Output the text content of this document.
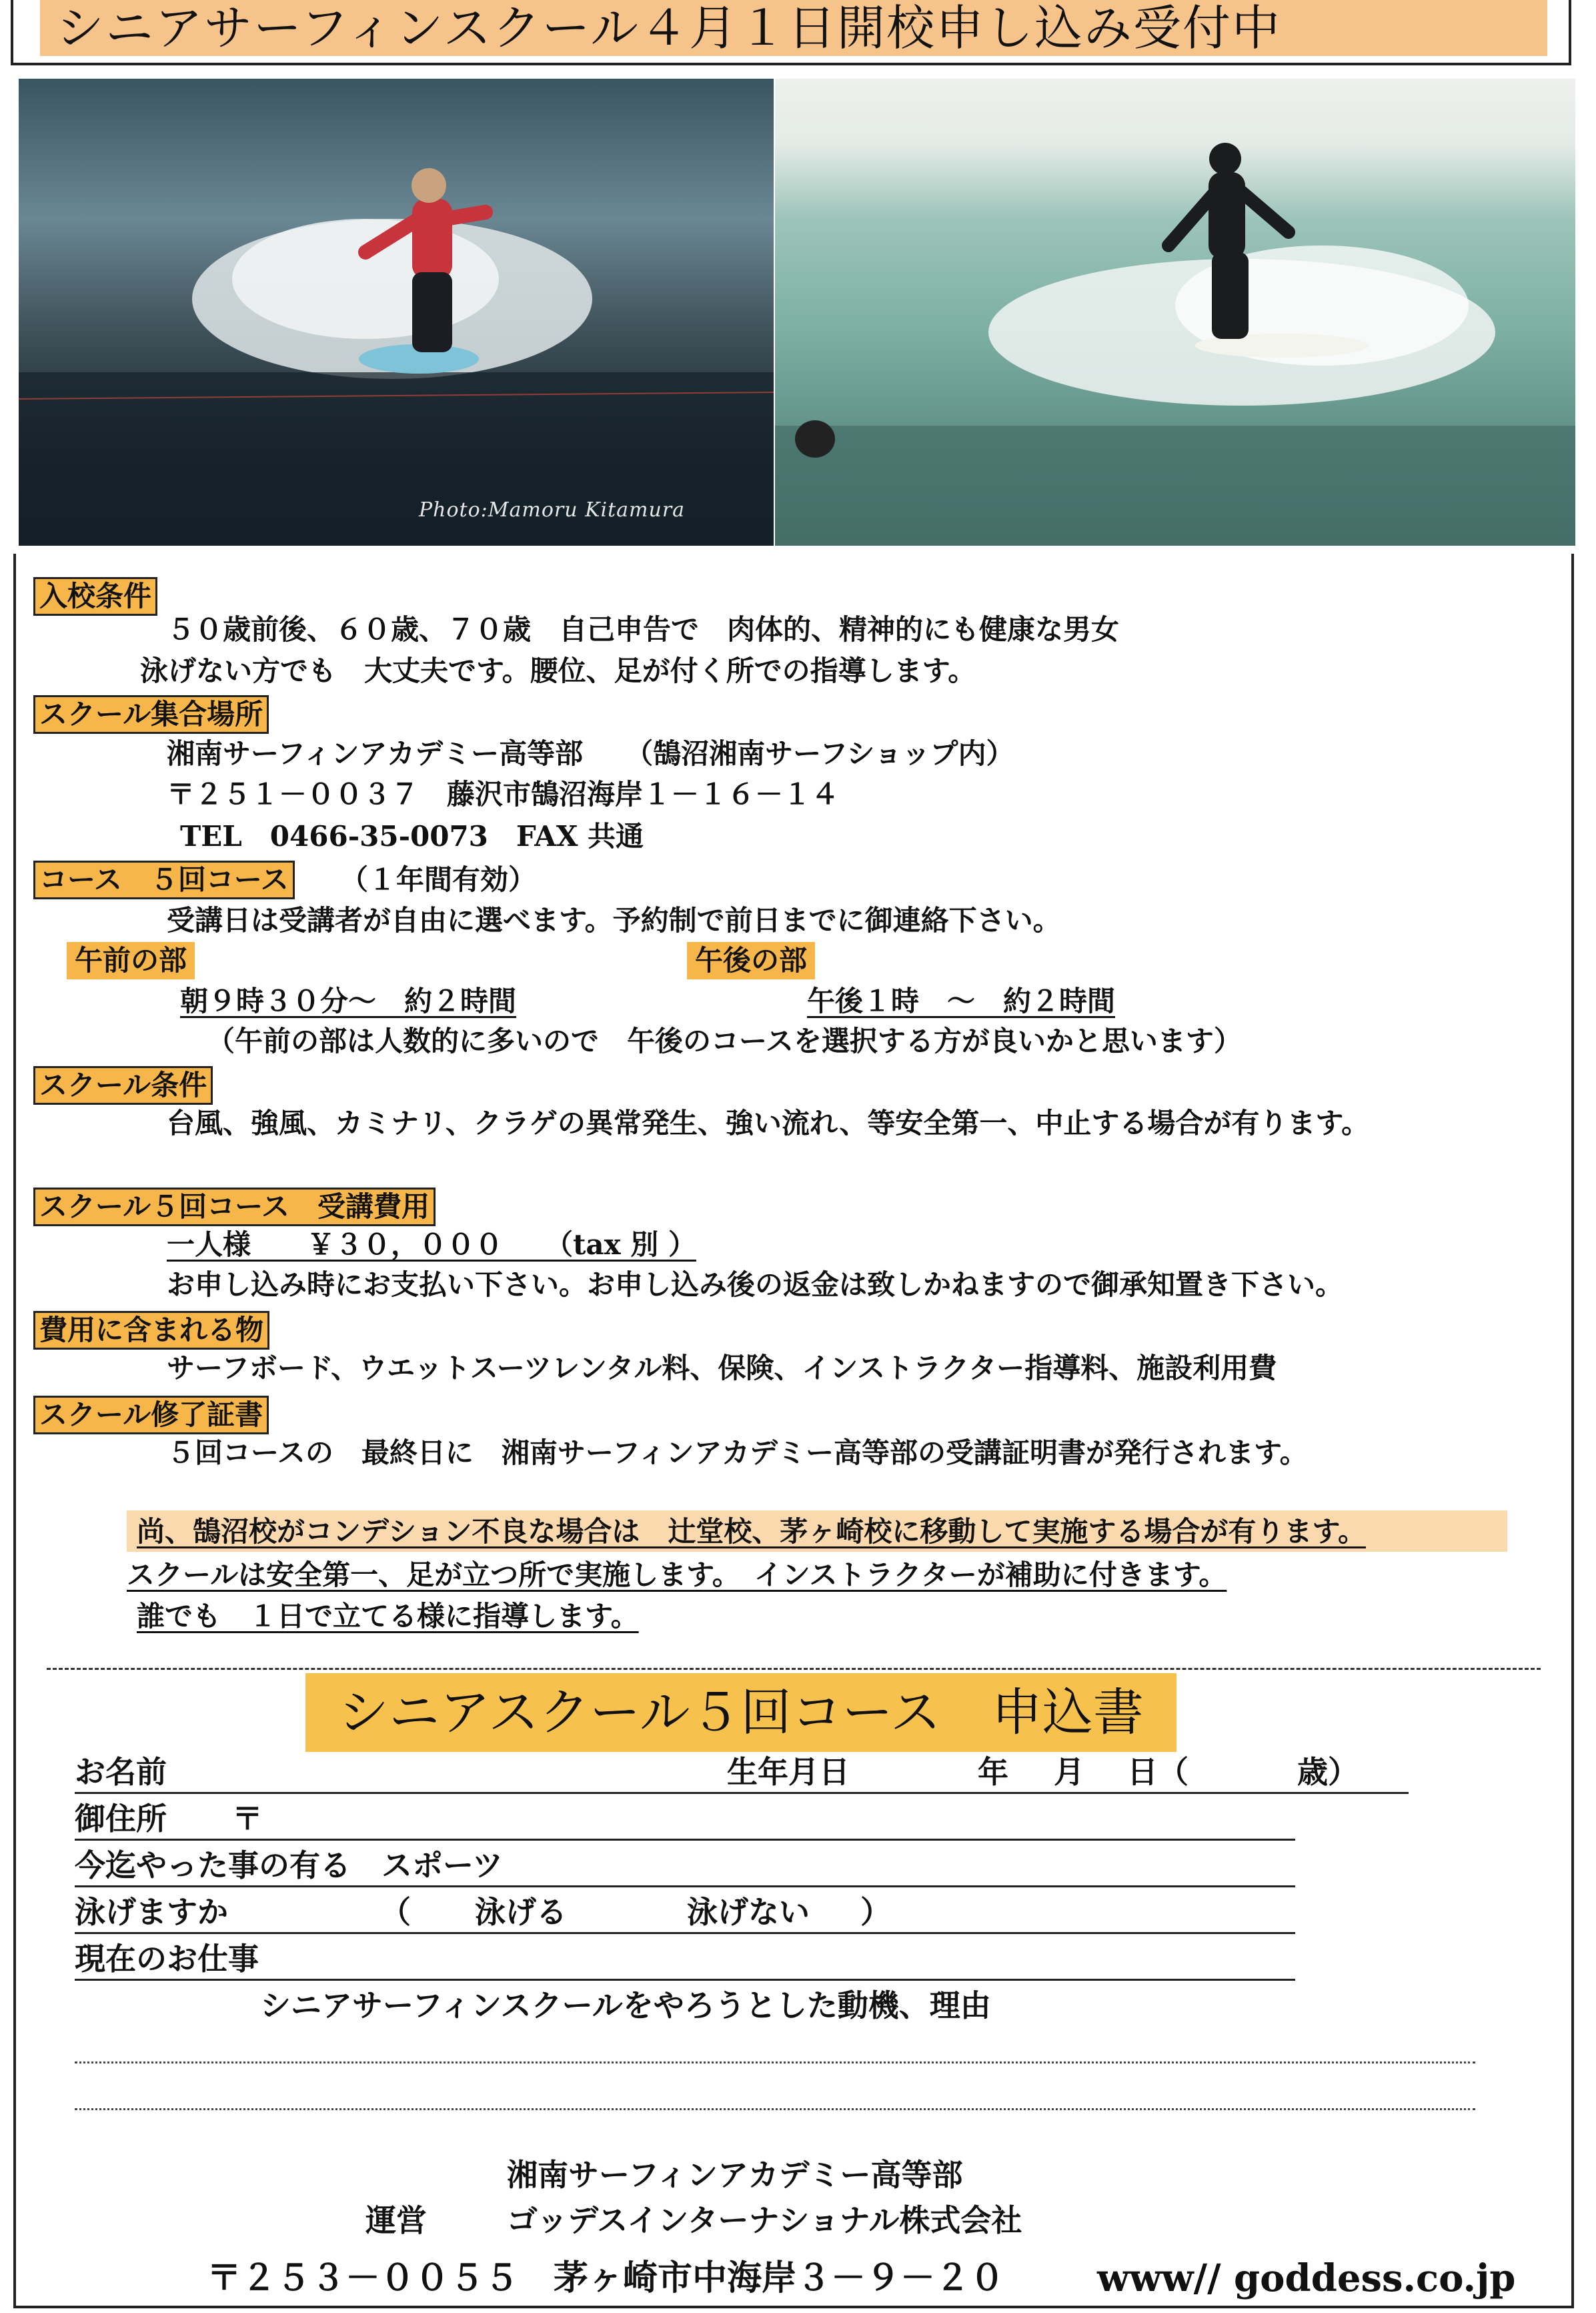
シニアサーフィンスクール４月１日開校申し込み受付中
Photo:Mamoru Kitamura
入校条件
５０歳前後、６０歳、７０歳　自己申告で　肉体的、精神的にも健康な男女
泳げない方でも　大丈夫です。腰位、足が付く所での指導します。
スクール集合場所
湘南サーフィンアカデミー高等部　　（鵠沼湘南サーフショップ内）
〒２５１－００３７　藤沢市鵠沼海岸１－１６－１４
TEL　0466-35-0073　FAX 共通
コース　５回コース （１年間有効）
受講日は受講者が自由に選べます。予約制で前日までに御連絡下さい。
午前の部	午後の部
朝９時３０分～　約２時間	午後１時　～　約２時間
（午前の部は人数的に多いので　午後のコースを選択する方が良いかと思います）
スクール条件
台風、強風、カミナリ、クラゲの異常発生、強い流れ、等安全第一、中止する場合が有ります。
スクール５回コース　受講費用
一人様　　￥３０，０００　　（tax 別 ）
お申し込み時にお支払い下さい。お申し込み後の返金は致しかねますので御承知置き下さい。
費用に含まれる物
サーフボード、ウエットスーツレンタル料、保険、インストラクター指導料、施設利用費
スクール修了証書
５回コースの　最終日に　湘南サーフィンアカデミー高等部の受講証明書が発行されます。
尚、鵠沼校がコンデション不良な場合は　辻堂校、茅ヶ崎校に移動して実施する場合が有ります。
スクールは安全第一、足が立つ所で実施します。　インストラクターが補助に付きます。
誰でも　１日で立てる様に指導します。
シニアスクール５回コース　申込書
お名前	生年月日	年 月 日（	歳）
御住所 〒
今迄やった事の有る　スポーツ
泳げますか	（ 泳げる	泳げない ）
現在のお仕事
シニアサーフィンスクールをやろうとした動機、理由
湘南サーフィンアカデミー高等部
運営	ゴッデスインターナショナル株式会社
〒２５３－００５５　茅ヶ崎市中海岸３－９－２０ www// goddess.co.jp
